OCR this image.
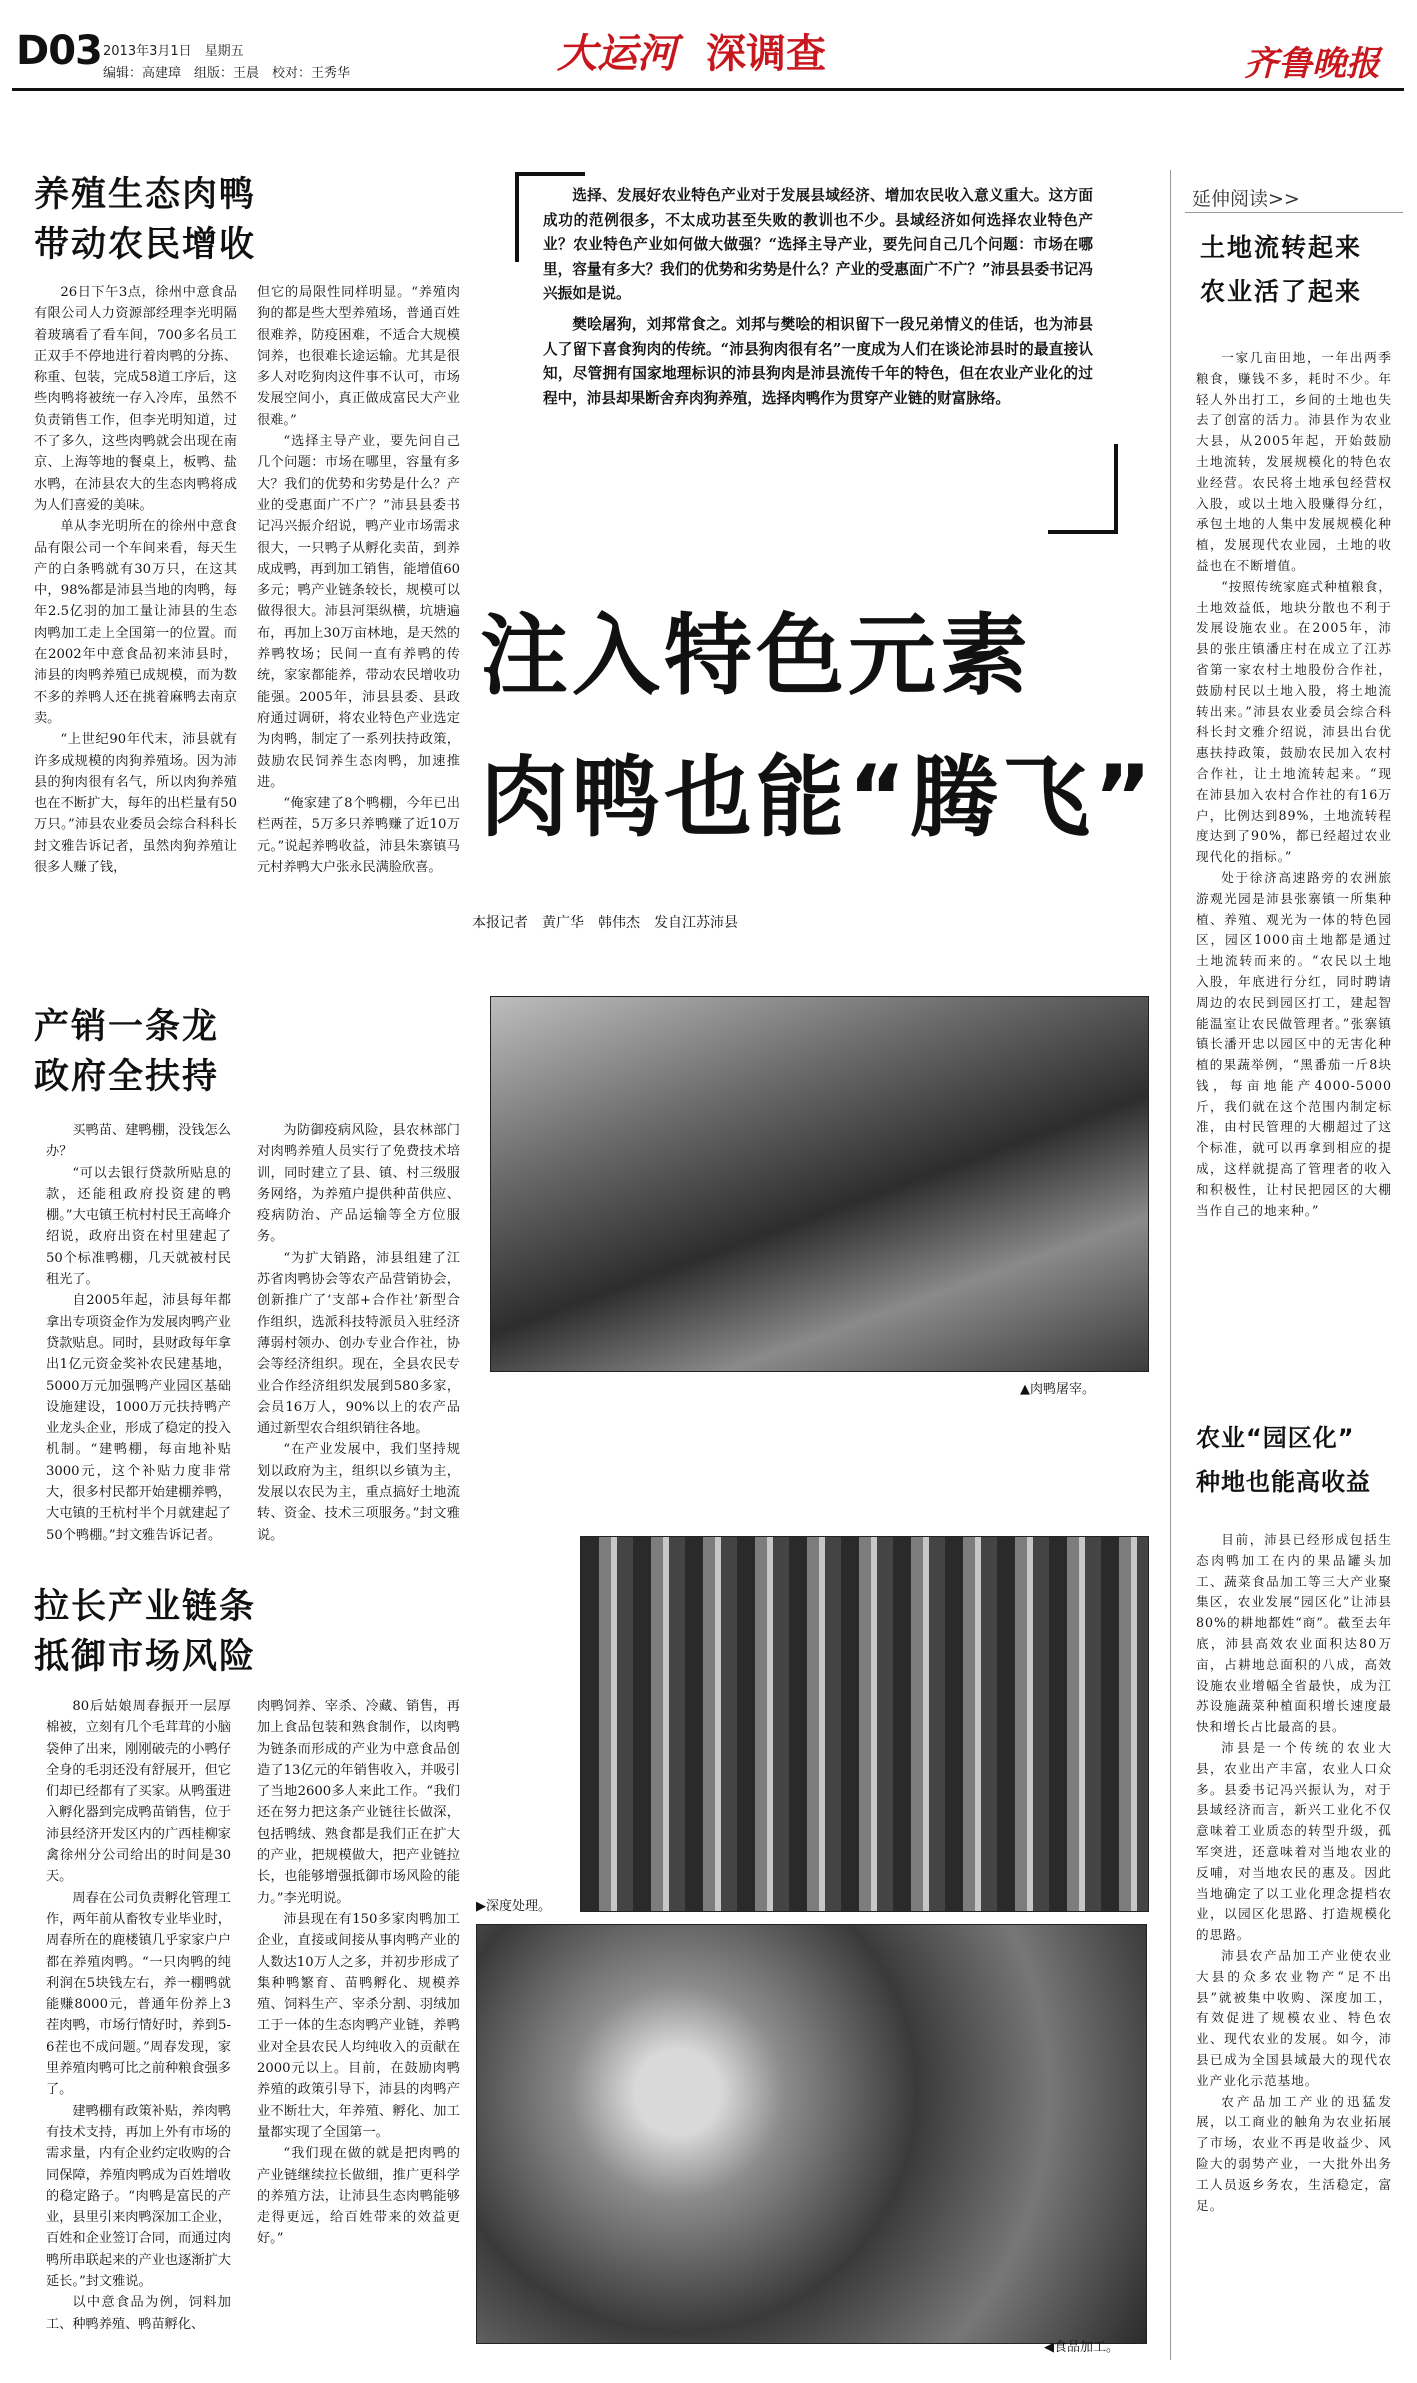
D03 2013年3月1日　星期五
编辑：高建璋　组版：王晨　校对：王秀华	大运河 深调查	齐鲁晚报

养殖生态肉鸭

带动农民增收

26日下午3点，徐州中意食品有限公司人力资源部经理李光明隔着玻璃看了看车间，700多名员工正双手不停地进行着肉鸭的分拣、称重、包装，完成58道工序后，这些肉鸭将被统一存入冷库，虽然不负责销售工作，但李光明知道，过不了多久，这些肉鸭就会出现在南京、上海等地的餐桌上，板鸭、盐水鸭，在沛县农大的生态肉鸭将成为人们喜爱的美味。

单从李光明所在的徐州中意食品有限公司一个车间来看，每天生产的白条鸭就有30万只，在这其中，98%都是沛县当地的肉鸭，每年2.5亿羽的加工量让沛县的生态肉鸭加工走上全国第一的位置。而在2002年中意食品初来沛县时，沛县的肉鸭养殖已成规模，而为数不多的养鸭人还在挑着麻鸭去南京卖。

“上世纪90年代末，沛县就有许多成规模的肉狗养殖场。因为沛县的狗肉很有名气，所以肉狗养殖也在不断扩大，每年的出栏量有50万只。”沛县农业委员会综合科科长封文雅告诉记者，虽然肉狗养殖让很多人赚了钱，

但它的局限性同样明显。“养殖肉狗的都是些大型养殖场，普通百姓很难养，防疫困难，不适合大规模饲养，也很难长途运输。尤其是很多人对吃狗肉这件事不认可，市场发展空间小，真正做成富民大产业很难。”

“选择主导产业，要先问自己几个问题：市场在哪里，容量有多大？我们的优势和劣势是什么？产业的受惠面广不广？”沛县县委书记冯兴振介绍说，鸭产业市场需求很大，一只鸭子从孵化卖苗，到养成成鸭，再到加工销售，能增值60多元；鸭产业链条较长，规模可以做得很大。沛县河渠纵横，坑塘遍布，再加上30万亩林地，是天然的养鸭牧场；民间一直有养鸭的传统，家家都能养，带动农民增收功能强。2005年，沛县县委、县政府通过调研，将农业特色产业选定为肉鸭，制定了一系列扶持政策，鼓励农民饲养生态肉鸭，加速推进。

“俺家建了8个鸭棚，今年已出栏两茬，5万多只养鸭赚了近10万元。”说起养鸭收益，沛县朱寨镇马元村养鸭大户张永民满脸欣喜。

选择、发展好农业特色产业对于发展县域经济、增加农民收入意义重大。这方面成功的范例很多，不太成功甚至失败的教训也不少。县域经济如何选择农业特色产业？农业特色产业如何做大做强？“选择主导产业，要先问自己几个问题：市场在哪里，容量有多大？我们的优势和劣势是什么？产业的受惠面广不广？”沛县县委书记冯兴振如是说。

樊哙屠狗，刘邦常食之。刘邦与樊哙的相识留下一段兄弟情义的佳话，也为沛县人了留下喜食狗肉的传统。“沛县狗肉很有名”一度成为人们在谈论沛县时的最直接认知，尽管拥有国家地理标识的沛县狗肉是沛县流传千年的特色，但在农业产业化的过程中，沛县却果断舍弃肉狗养殖，选择肉鸭作为贯穿产业链的财富脉络。

注入特色元素
肉鸭也能“腾飞”
本报记者　黄广华　韩伟杰　发自江苏沛县

产销一条龙

政府全扶持

买鸭苗、建鸭棚，没钱怎么办？

“可以去银行贷款所贴息的款，还能租政府投资建的鸭棚。”大屯镇王杭村村民王高峰介绍说，政府出资在村里建起了50个标准鸭棚，几天就被村民租光了。

自2005年起，沛县每年都拿出专项资金作为发展肉鸭产业贷款贴息。同时，县财政每年拿出1亿元资金奖补农民建基地，5000万元加强鸭产业园区基础设施建设，1000万元扶持鸭产业龙头企业，形成了稳定的投入机制。“建鸭棚，每亩地补贴3000元，这个补贴力度非常大，很多村民都开始建棚养鸭，大屯镇的王杭村半个月就建起了50个鸭棚。”封文雅告诉记者。

为防御疫病风险，县农林部门对肉鸭养殖人员实行了免费技术培训，同时建立了县、镇、村三级服务网络，为养殖户提供种苗供应、疫病防治、产品运输等全方位服务。

“为扩大销路，沛县组建了江苏省肉鸭协会等农产品营销协会，创新推广了‘支部+合作社’新型合作组织，选派科技特派员入驻经济薄弱村领办、创办专业合作社，协会等经济组织。现在，全县农民专业合作经济组织发展到580多家，会员16万人，90%以上的农产品通过新型农合组织销往各地。

“在产业发展中，我们坚持规划以政府为主，组织以乡镇为主，发展以农民为主，重点搞好土地流转、资金、技术三项服务。”封文雅说。

拉长产业链条

抵御市场风险

80后姑娘周春振开一层厚棉被，立刻有几个毛茸茸的小脑袋伸了出来，刚刚破壳的小鸭仔全身的毛羽还没有舒展开，但它们却已经都有了买家。从鸭蛋进入孵化器到完成鸭苗销售，位于沛县经济开发区内的广西桂柳家禽徐州分公司给出的时间是30天。

周春在公司负责孵化管理工作，两年前从畜牧专业毕业时，周春所在的鹿楼镇几乎家家户户都在养殖肉鸭。“一只肉鸭的纯利润在5块钱左右，养一棚鸭就能赚8000元，普通年份养上3茬肉鸭，市场行情好时，养到5-6茬也不成问题。”周春发现，家里养殖肉鸭可比之前种粮食强多了。

建鸭棚有政策补贴，养肉鸭有技术支持，再加上外有市场的需求量，内有企业约定收购的合同保障，养殖肉鸭成为百姓增收的稳定路子。“肉鸭是富民的产业，县里引来肉鸭深加工企业，百姓和企业签订合同，而通过肉鸭所串联起来的产业也逐渐扩大延长。”封文雅说。

以中意食品为例，饲料加工、种鸭养殖、鸭苗孵化、

肉鸭饲养、宰杀、冷藏、销售，再加上食品包装和熟食制作，以肉鸭为链条而形成的产业为中意食品创造了13亿元的年销售收入，并吸引了当地2600多人来此工作。“我们还在努力把这条产业链往长做深，包括鸭绒、熟食都是我们正在扩大的产业，把规模做大，把产业链拉长，也能够增强抵御市场风险的能力。”李光明说。

沛县现在有150多家肉鸭加工企业，直接或间接从事肉鸭产业的人数达10万人之多，并初步形成了集种鸭繁育、苗鸭孵化、规模养殖、饲料生产、宰杀分割、羽绒加工于一体的生态肉鸭产业链，养鸭业对全县农民人均纯收入的贡献在2000元以上。目前，在鼓励肉鸭养殖的政策引导下，沛县的肉鸭产业不断壮大，年养殖、孵化、加工量都实现了全国第一。

“我们现在做的就是把肉鸭的产业链继续拉长做细，推广更科学的养殖方法，让沛县生态肉鸭能够走得更远，给百姓带来的效益更好。”

▲肉鸭屠宰。
▶深度处理。
◀食品加工。
延伸阅读>>

土地流转起来

农业活了起来

一家几亩田地，一年出两季粮食，赚钱不多，耗时不少。年轻人外出打工，乡间的土地也失去了创富的活力。沛县作为农业大县，从2005年起，开始鼓励土地流转，发展规模化的特色农业经营。农民将土地承包经营权入股，或以土地入股赚得分红，承包土地的人集中发展规模化种植，发展现代农业园，土地的收益也在不断增值。

“按照传统家庭式种植粮食，土地效益低，地块分散也不利于发展设施农业。在2005年，沛县的张庄镇潘庄村在成立了江苏省第一家农村土地股份合作社，鼓励村民以土地入股，将土地流转出来。”沛县农业委员会综合科科长封文雅介绍说，沛县出台优惠扶持政策，鼓励农民加入农村合作社，让土地流转起来。“现在沛县加入农村合作社的有16万户，比例达到89%，土地流转程度达到了90%，都已经超过农业现代化的指标。”

处于徐济高速路旁的农洲旅游观光园是沛县张寨镇一所集种植、养殖、观光为一体的特色园区，园区1000亩土地都是通过土地流转而来的。“农民以土地入股，年底进行分红，同时聘请周边的农民到园区打工，建起智能温室让农民做管理者。”张寨镇镇长潘开忠以园区中的无害化种植的果蔬举例，“黑番茄一斤8块钱，每亩地能产4000-5000斤，我们就在这个范围内制定标准，由村民管理的大棚超过了这个标准，就可以再拿到相应的提成，这样就提高了管理者的收入和积极性，让村民把园区的大棚当作自己的地来种。”

农业“园区化”

种地也能高收益

目前，沛县已经形成包括生态肉鸭加工在内的果品罐头加工、蔬菜食品加工等三大产业聚集区，农业发展“园区化”让沛县80%的耕地都姓“商”。截至去年底，沛县高效农业面积达80万亩，占耕地总面积的八成，高效设施农业增幅全省最快，成为江苏设施蔬菜种植面积增长速度最快和增长占比最高的县。

沛县是一个传统的农业大县，农业出产丰富，农业人口众多。县委书记冯兴振认为，对于县域经济而言，新兴工业化不仅意味着工业质态的转型升级，孤军突进，还意味着对当地农业的反哺，对当地农民的惠及。因此当地确定了以工业化理念提档农业，以园区化思路、打造规模化的思路。

沛县农产品加工产业使农业大县的众多农业物产“足不出县”就被集中收购、深度加工，有效促进了规模农业、特色农业、现代农业的发展。如今，沛县已成为全国县域最大的现代农业产业化示范基地。

农产品加工产业的迅猛发展，以工商业的触角为农业拓展了市场，农业不再是收益少、风险大的弱势产业，一大批外出务工人员返乡务农，生活稳定，富足。
